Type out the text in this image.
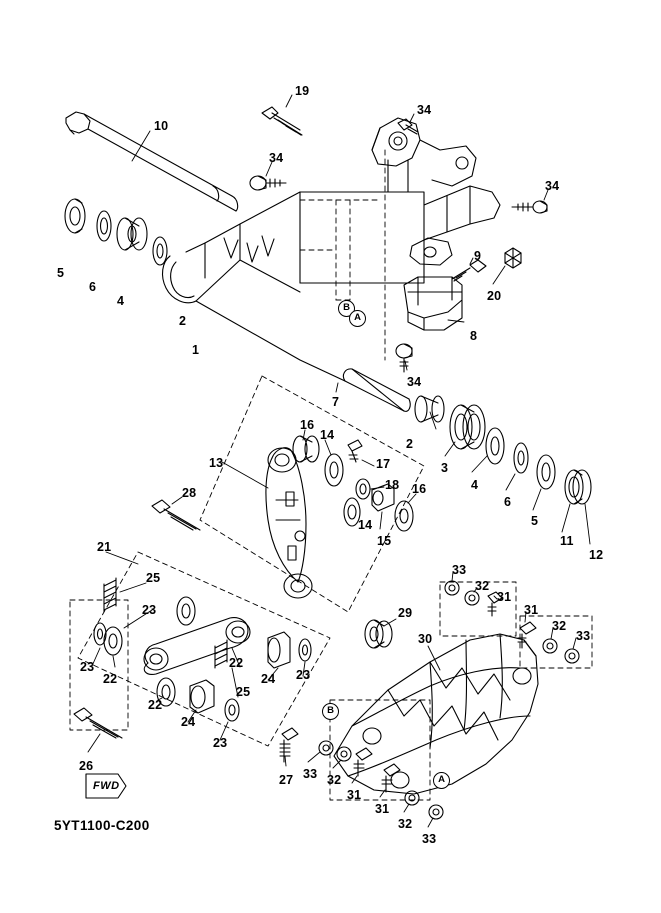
19
34
10
34
34
9
20
5
6
4
2
1
8
34
7
16
14
2
17	3
13
18	4
16
6
28
14	5
15	11
12
21
25
33
32
31
23	31
29
32
33
30
23
22
22
24 23
22
25
24
23
26
27 33 32
31
31
32
33
B
A
B
A
FWD
5YT1100-C200
